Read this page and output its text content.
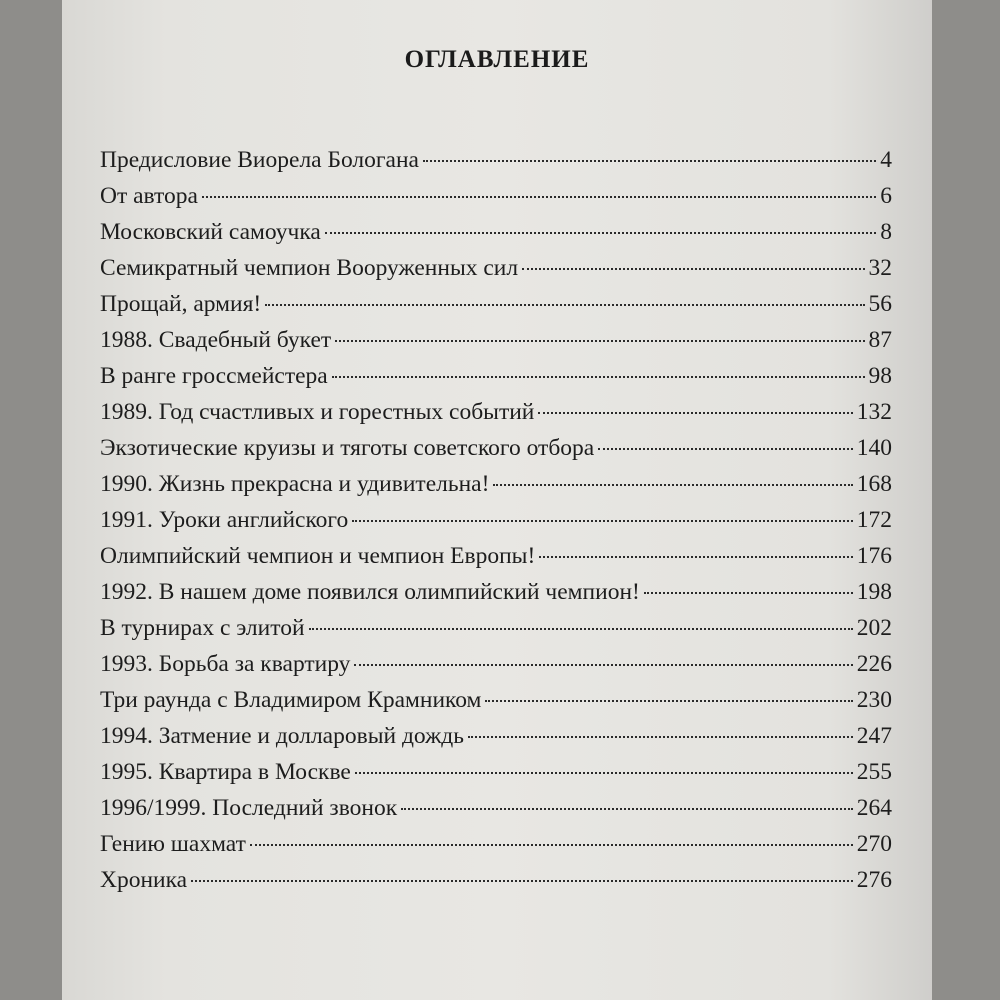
ОГЛАВЛЕНИЕ
Предисловие Виорела Бологана	4
От автора	6
Московский самоучка	8
Семикратный чемпион Вооруженных сил	32
Прощай, армия!	56
1988. Свадебный букет	87
В ранге гроссмейстера	98
1989. Год счастливых и горестных событий	132
Экзотические круизы и тяготы советского отбора	140
1990. Жизнь прекрасна и удивительна!	168
1991. Уроки английского	172
Олимпийский чемпион и чемпион Европы!	176
1992. В нашем доме появился олимпийский чемпион!	198
В турнирах с элитой	202
1993. Борьба за квартиру	226
Три раунда с Владимиром Крамником	230
1994. Затмение и долларовый дождь	247
1995. Квартира в Москве	255
1996/1999. Последний звонок	264
Гению шахмат	270
Хроника	276
